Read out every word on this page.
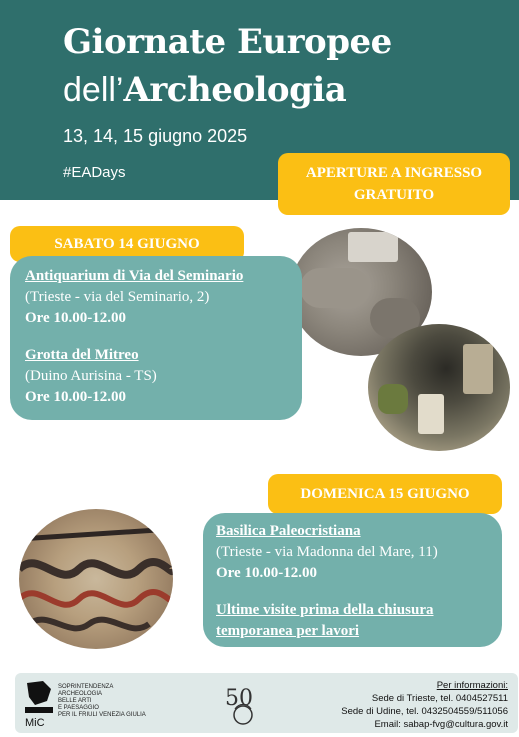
Giornate Europee
dell’Archeologia
13, 14, 15 giugno 2025
#EADays	APERTURE A INGRESSO
GRATUITO
SABATO 14 GIUGNO
Antiquarium di Via del Seminario
(Trieste - via del Seminario, 2)
Ore 10.00-12.00
Grotta del Mitreo
(Duino Aurisina - TS)
Ore 10.00-12.00
DOMENICA 15 GIUGNO
Basilica Paleocristiana
(Trieste - via Madonna del Mare, 11)
Ore 10.00-12.00
Ultime visite prima della chiusura
temporanea per lavori
MiC
SOPRINTENDENZA
ARCHEOLOGIA
BELLE ARTI
E PAESAGGIO
PER IL FRIULI VENEZIA GIULIA
50
Per informazioni:
Sede di Trieste, tel. 0404527511
Sede di Udine, tel. 0432504559/511056
Email: sabap-fvg@cultura.gov.it
